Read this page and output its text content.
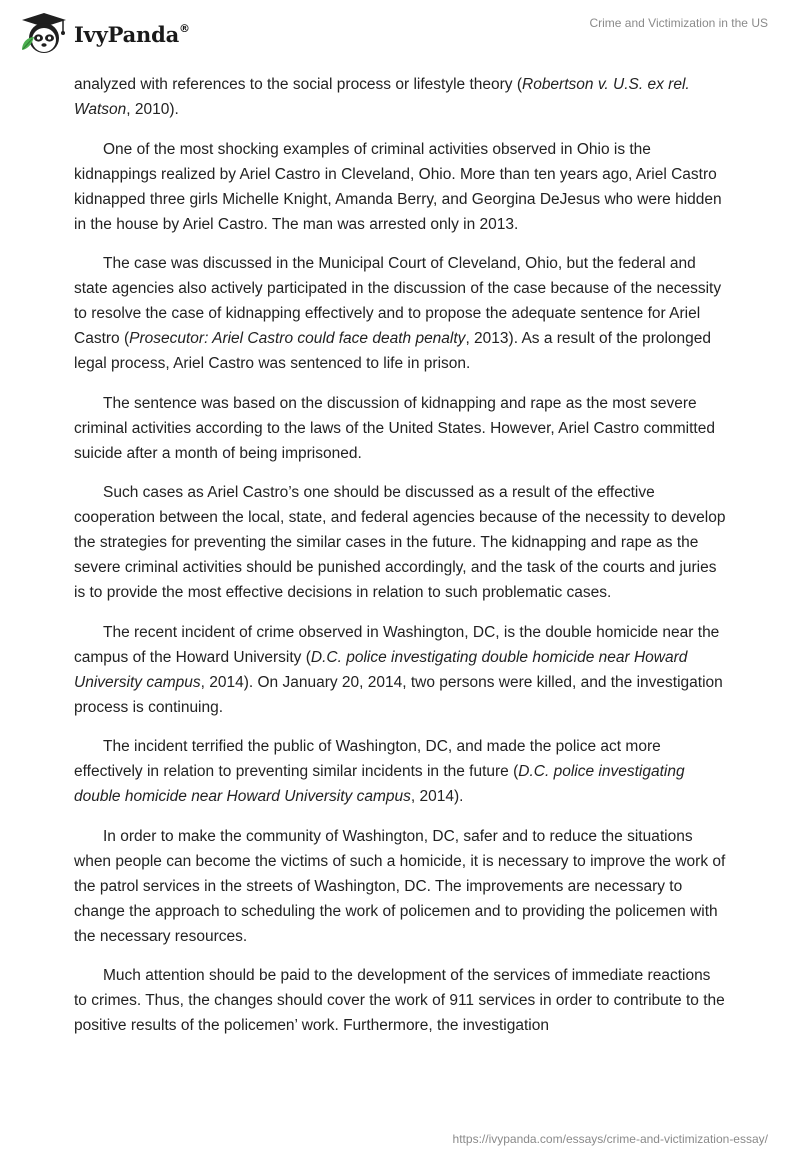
IvyPanda®	Crime and Victimization in the US

analyzed with references to the social process or lifestyle theory (Robertson v. U.S. ex rel. Watson, 2010).

One of the most shocking examples of criminal activities observed in Ohio is the kidnappings realized by Ariel Castro in Cleveland, Ohio. More than ten years ago, Ariel Castro kidnapped three girls Michelle Knight, Amanda Berry, and Georgina DeJesus who were hidden in the house by Ariel Castro. The man was arrested only in 2013.

The case was discussed in the Municipal Court of Cleveland, Ohio, but the federal and state agencies also actively participated in the discussion of the case because of the necessity to resolve the case of kidnapping effectively and to propose the adequate sentence for Ariel Castro (Prosecutor: Ariel Castro could face death penalty, 2013). As a result of the prolonged legal process, Ariel Castro was sentenced to life in prison.

The sentence was based on the discussion of kidnapping and rape as the most severe criminal activities according to the laws of the United States. However, Ariel Castro committed suicide after a month of being imprisoned.

Such cases as Ariel Castro’s one should be discussed as a result of the effective cooperation between the local, state, and federal agencies because of the necessity to develop the strategies for preventing the similar cases in the future. The kidnapping and rape as the severe criminal activities should be punished accordingly, and the task of the courts and juries is to provide the most effective decisions in relation to such problematic cases.

The recent incident of crime observed in Washington, DC, is the double homicide near the campus of the Howard University (D.C. police investigating double homicide near Howard University campus, 2014). On January 20, 2014, two persons were killed, and the investigation process is continuing.

The incident terrified the public of Washington, DC, and made the police act more effectively in relation to preventing similar incidents in the future (D.C. police investigating double homicide near Howard University campus, 2014).

In order to make the community of Washington, DC, safer and to reduce the situations when people can become the victims of such a homicide, it is necessary to improve the work of the patrol services in the streets of Washington, DC. The improvements are necessary to change the approach to scheduling the work of policemen and to providing the policemen with the necessary resources.

Much attention should be paid to the development of the services of immediate reactions to crimes. Thus, the changes should cover the work of 911 services in order to contribute to the positive results of the policemen’ work. Furthermore, the investigation

https://ivypanda.com/essays/crime-and-victimization-essay/
